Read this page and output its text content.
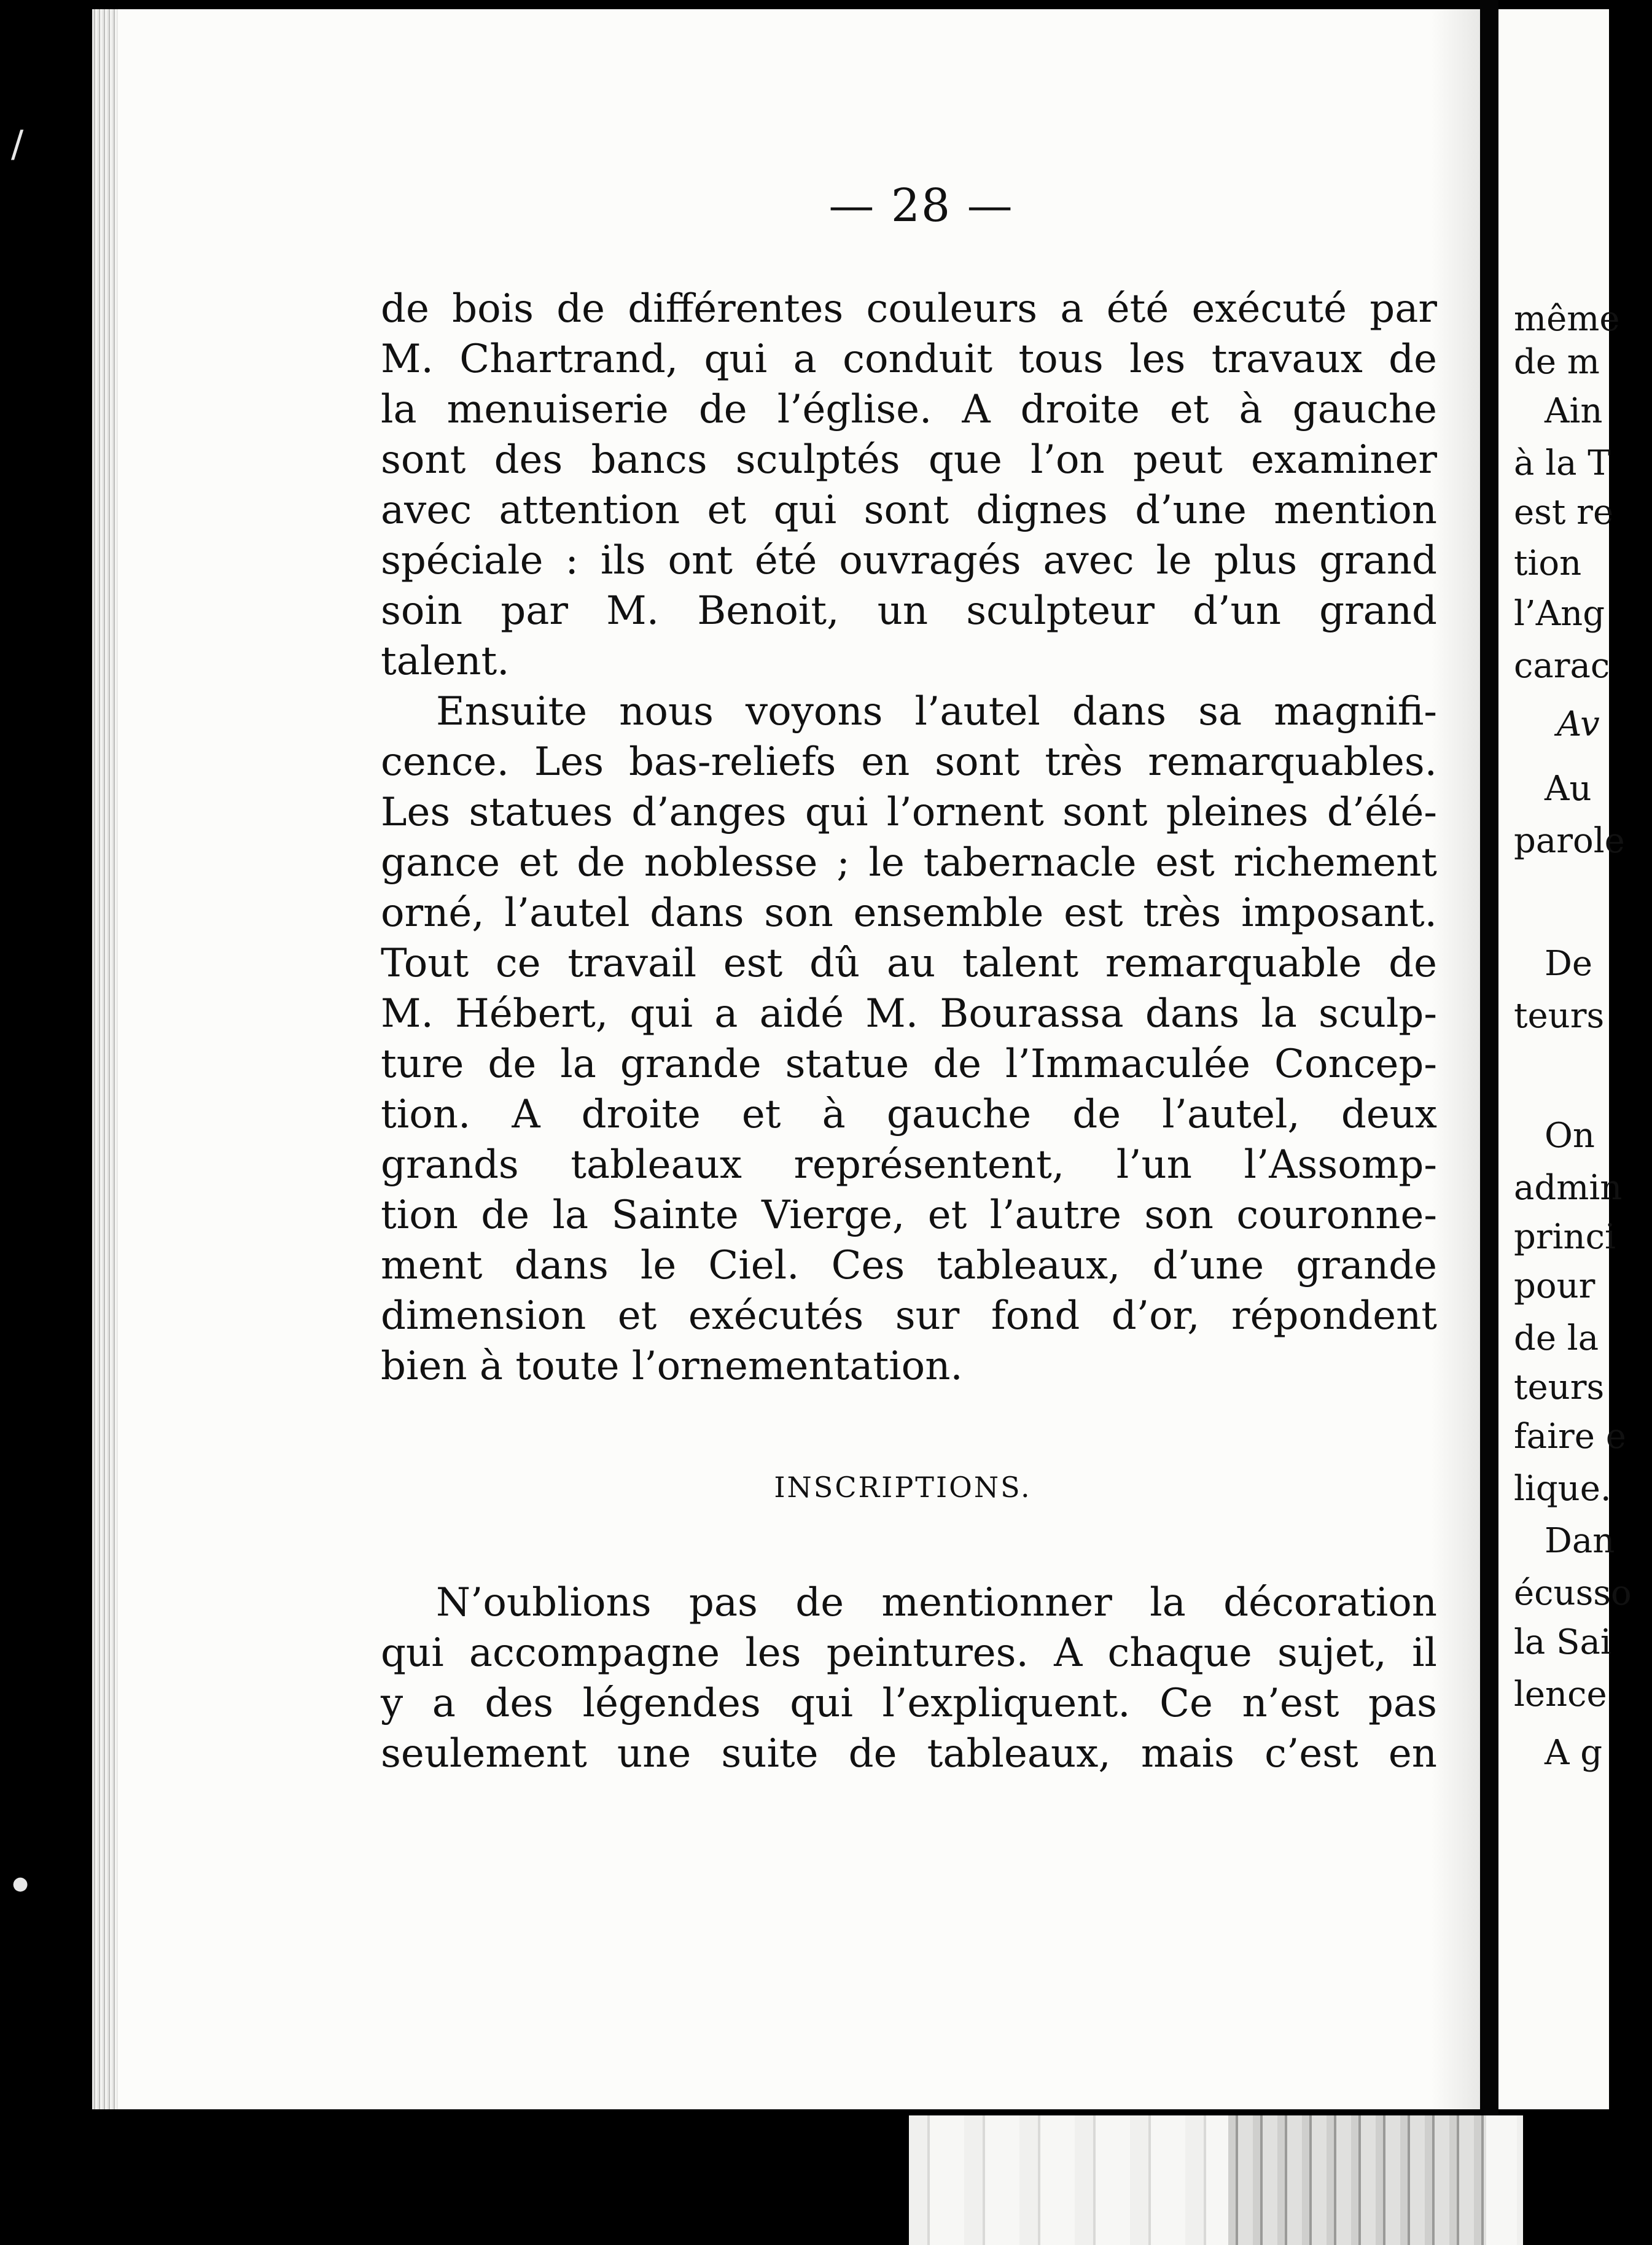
/
●
— 28 —
de bois de différentes couleurs a été exécuté par
M. Chartrand, qui a conduit tous les travaux de
la menuiserie de l’église. A droite et à gauche
sont des bancs sculptés que l’on peut examiner
avec attention et qui sont dignes d’une mention
spéciale : ils ont été ouvragés avec le plus grand
soin par M. Benoit, un sculpteur d’un grand
talent.
Ensuite nous voyons l’autel dans sa magnifi-
cence. Les bas-reliefs en sont très remarquables.
Les statues d’anges qui l’ornent sont pleines d’élé-
gance et de noblesse ; le tabernacle est richement
orné, l’autel dans son ensemble est très imposant.
Tout ce travail est dû au talent remarquable de
M. Hébert, qui a aidé M. Bourassa dans la sculp-
ture de la grande statue de l’Immaculée Concep-
tion. A droite et à gauche de l’autel, deux
grands tableaux représentent, l’un l’Assomp-
tion de la Sainte Vierge, et l’autre son couronne-
ment dans le Ciel. Ces tableaux, d’une grande
dimension et exécutés sur fond d’or, répondent
bien à toute l’ornementation.
INSCRIPTIONS.
N’oublions pas de mentionner la décoration
qui accompagne les peintures. A chaque sujet, il
y a des légendes qui l’expliquent. Ce n’est pas
seulement une suite de tableaux, mais c’est en
même
de m
Ain
à la T
est re
tion
l’Ang
carac
Av
Au
parole
De
teurs
On
admin
princi
pour
de la
teurs
faire e
lique.
Dan
écusso
la Sai
lence
A g
